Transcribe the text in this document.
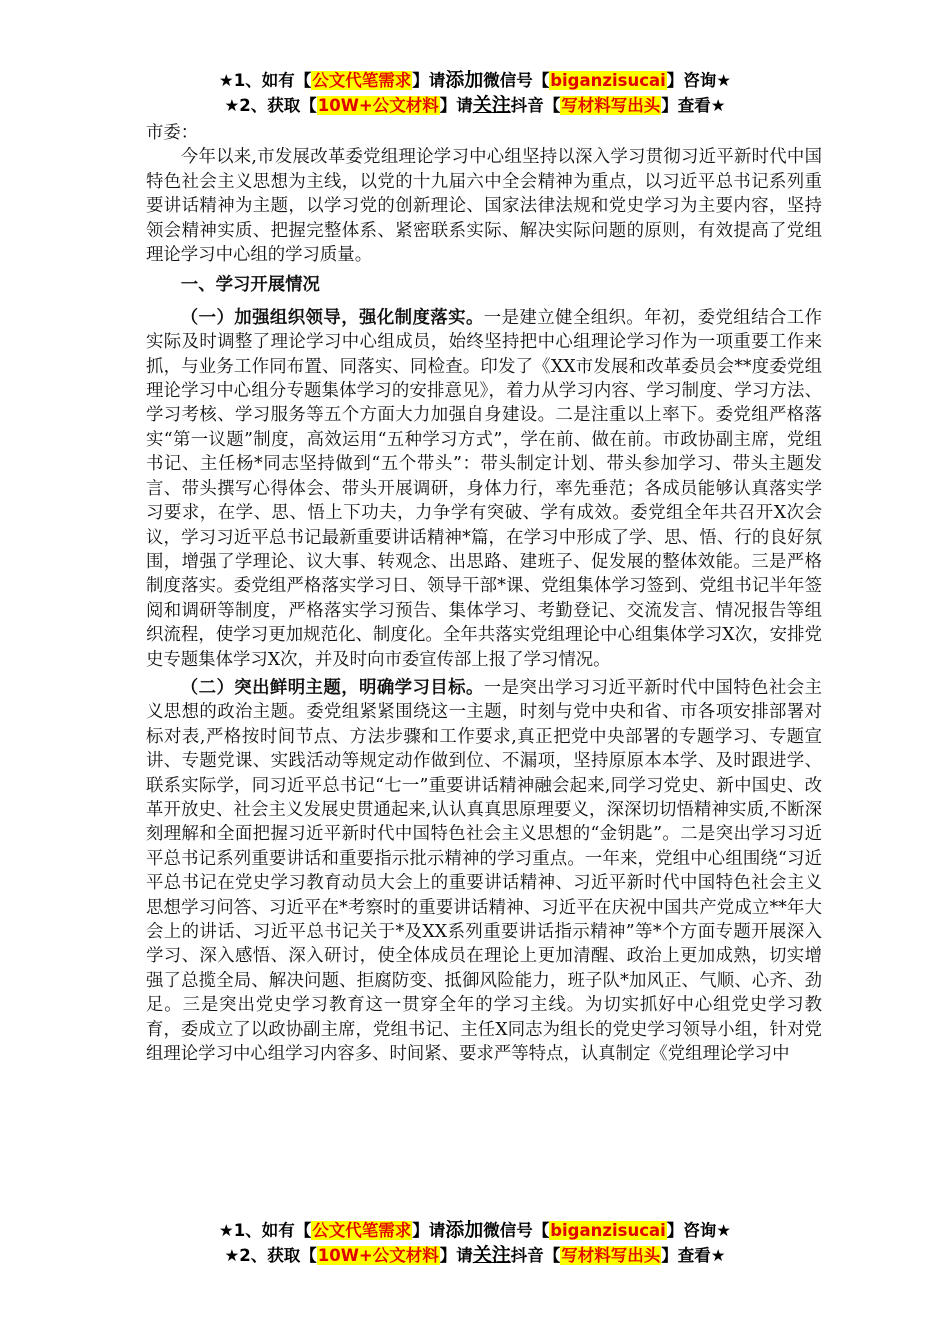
★1、如有【公文代笔需求】请添加微信号【biganzisucai】咨询★
★2、获取【10W+公文材料】请关注抖音【写材料写出头】查看★

市委：

今年以来,市发展改革委党组理论学习中心组坚持以深入学习贯彻习近平新时代中国特色社会主义思想为主线，以党的十九届六中全会精神为重点，以习近平总书记系列重要讲话精神为主题，以学习党的创新理论、国家法律法规和党史学习为主要内容，坚持领会精神实质、把握完整体系、紧密联系实际、解决实际问题的原则，有效提高了党组理论学习中心组的学习质量。

一、学习开展情况

（一）加强组织领导，强化制度落实。一是建立健全组织。年初，委党组结合工作实际及时调整了理论学习中心组成员，始终坚持把中心组理论学习作为一项重要工作来抓，与业务工作同布置、同落实、同检查。印发了《XX市发展和改革委员会**度委党组理论学习中心组分专题集体学习的安排意见》，着力从学习内容、学习制度、学习方法、学习考核、学习服务等五个方面大力加强自身建设。二是注重以上率下。委党组严格落实“第一议题”制度，高效运用“五种学习方式”，学在前、做在前。市政协副主席，党组书记、主任杨*同志坚持做到“五个带头”：带头制定计划、带头参加学习、带头主题发言、带头撰写心得体会、带头开展调研，身体力行，率先垂范；各成员能够认真落实学习要求，在学、思、悟上下功夫，力争学有突破、学有成效。委党组全年共召开X次会议，学习习近平总书记最新重要讲话精神*篇，在学习中形成了学、思、悟、行的良好氛围，增强了学理论、议大事、转观念、出思路、建班子、促发展的整体效能。三是严格制度落实。委党组严格落实学习日、领导干部*课、党组集体学习签到、党组书记半年签阅和调研等制度，严格落实学习预告、集体学习、考勤登记、交流发言、情况报告等组织流程，使学习更加规范化、制度化。全年共落实党组理论中心组集体学习X次，安排党史专题集体学习X次，并及时向市委宣传部上报了学习情况。

（二）突出鲜明主题，明确学习目标。一是突出学习习近平新时代中国特色社会主义思想的政治主题。委党组紧紧围绕这一主题，时刻与党中央和省、市各项安排部署对标对表,严格按时间节点、方法步骤和工作要求,真正把党中央部署的专题学习、专题宣讲、专题党课、实践活动等规定动作做到位、不漏项，坚持原原本本学、及时跟进学、联系实际学，同习近平总书记“七一”重要讲话精神融会起来,同学习党史、新中国史、改革开放史、社会主义发展史贯通起来,认认真真思原理要义，深深切切悟精神实质,不断深刻理解和全面把握习近平新时代中国特色社会主义思想的“金钥匙”。二是突出学习习近平总书记系列重要讲话和重要指示批示精神的学习重点。一年来，党组中心组围绕“习近平总书记在党史学习教育动员大会上的重要讲话精神、习近平新时代中国特色社会主义思想学习问答、习近平在*考察时的重要讲话精神、习近平在庆祝中国共产党成立**年大会上的讲话、习近平总书记关于*及XX系列重要讲话指示精神”等*个方面专题开展深入学习、深入感悟、深入研讨，使全体成员在理论上更加清醒、政治上更加成熟，切实增强了总揽全局、解决问题、拒腐防变、抵御风险能力，班子队*加风正、气顺、心齐、劲足。三是突出党史学习教育这一贯穿全年的学习主线。为切实抓好中心组党史学习教育，委成立了以政协副主席，党组书记、主任X同志为组长的党史学习领导小组，针对党组理论学习中心组学习内容多、时间紧、要求严等特点，认真制定《党组理论学习中

★1、如有【公文代笔需求】请添加微信号【biganzisucai】咨询★
★2、获取【10W+公文材料】请关注抖音【写材料写出头】查看★
